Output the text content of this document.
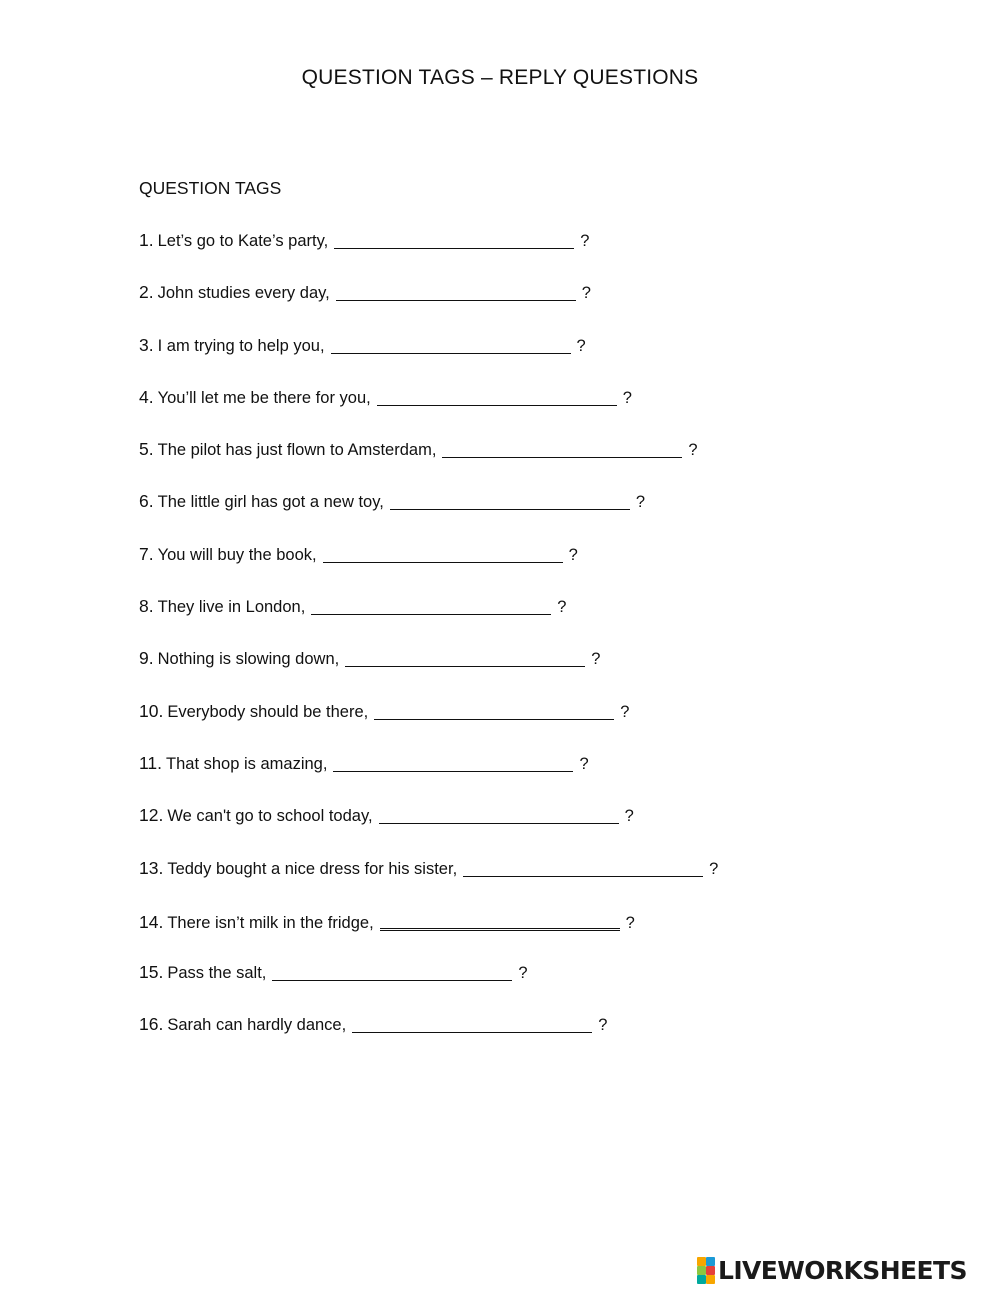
QUESTION TAGS – REPLY QUESTIONS
QUESTION TAGS
1. Let’s go to Kate’s party,	?
2. John studies every day,	?
3. I am trying to help you,	?
4. You’ll let me be there for you,	?
5. The pilot has just flown to Amsterdam,	?
6. The little girl has got a new toy,	?
7. You will buy the book,	?
8. They live in London,	?
9. Nothing is slowing down,	?
10. Everybody should be there,	?
11. That shop is amazing,	?
12. We can't go to school today,	?
13. Teddy bought a nice dress for his sister,	?
14. There isn’t milk in the fridge,	?
15. Pass the salt,	?
16. Sarah can hardly dance,	?
LIVEWORKSHEETS
